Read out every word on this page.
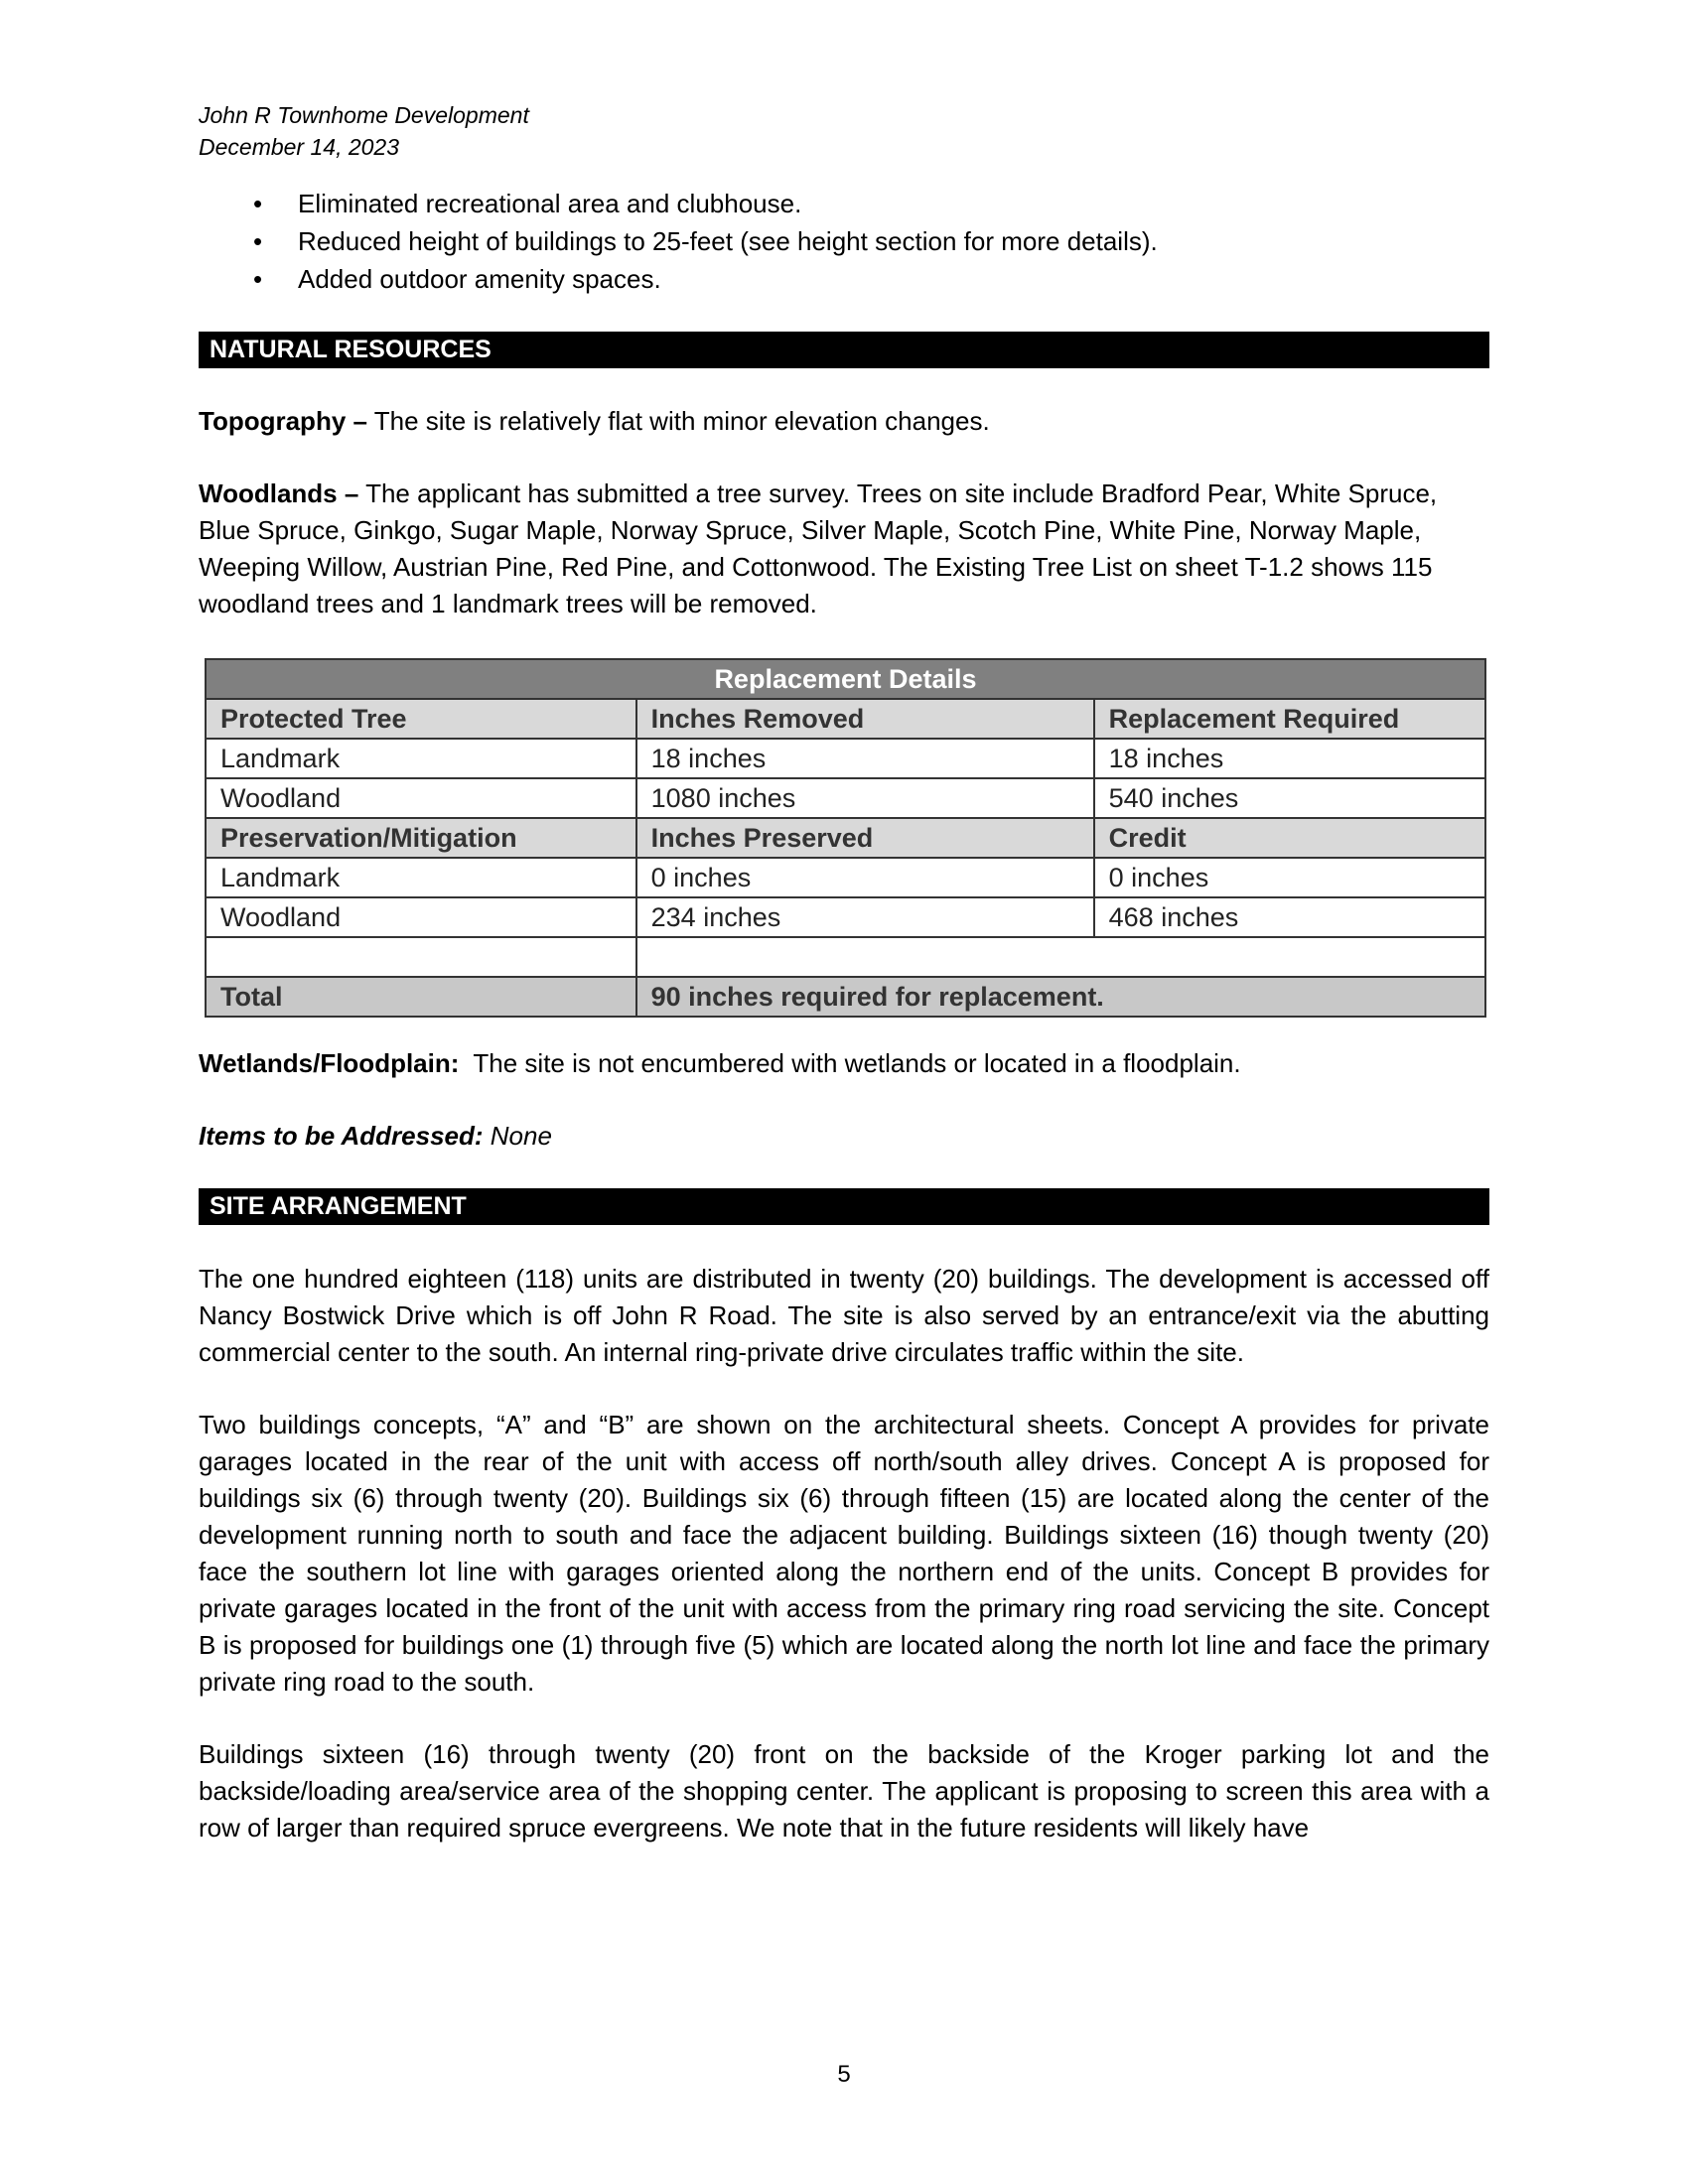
John R Townhome Development
December 14, 2023
• Eliminated recreational area and clubhouse.
• Reduced height of buildings to 25-feet (see height section for more details).
• Added outdoor amenity spaces.
NATURAL RESOURCES

Topography – The site is relatively flat with minor elevation changes.

Woodlands – The applicant has submitted a tree survey. Trees on site include Bradford Pear, White Spruce, Blue Spruce, Ginkgo, Sugar Maple, Norway Spruce, Silver Maple, Scotch Pine, White Pine, Norway Maple, Weeping Willow, Austrian Pine, Red Pine, and Cottonwood. The Existing Tree List on sheet T-1.2 shows 115 woodland trees and 1 landmark trees will be removed.

Replacement Details		
Protected Tree	Inches Removed	Replacement Required
Landmark	18 inches	18 inches
Woodland	1080 inches	540 inches
Preservation/Mitigation	Inches Preserved	Credit
Landmark	0 inches	0 inches
Woodland	234 inches	468 inches

Total	90 inches required for replacement.	

Wetlands/Floodplain: The site is not encumbered with wetlands or located in a floodplain.

Items to be Addressed: None

SITE ARRANGEMENT

The one hundred eighteen (118) units are distributed in twenty (20) buildings. The development is accessed off Nancy Bostwick Drive which is off John R Road. The site is also served by an entrance/exit via the abutting commercial center to the south. An internal ring-private drive circulates traffic within the site.

Two buildings concepts, “A” and “B” are shown on the architectural sheets. Concept A provides for private garages located in the rear of the unit with access off north/south alley drives. Concept A is proposed for buildings six (6) through twenty (20). Buildings six (6) through fifteen (15) are located along the center of the development running north to south and face the adjacent building. Buildings sixteen (16) though twenty (20) face the southern lot line with garages oriented along the northern end of the units. Concept B provides for private garages located in the front of the unit with access from the primary ring road servicing the site. Concept B is proposed for buildings one (1) through five (5) which are located along the north lot line and face the primary private ring road to the south.

Buildings sixteen (16) through twenty (20) front on the backside of the Kroger parking lot and the backside/loading area/service area of the shopping center. The applicant is proposing to screen this area with a row of larger than required spruce evergreens. We note that in the future residents will likely have

5
